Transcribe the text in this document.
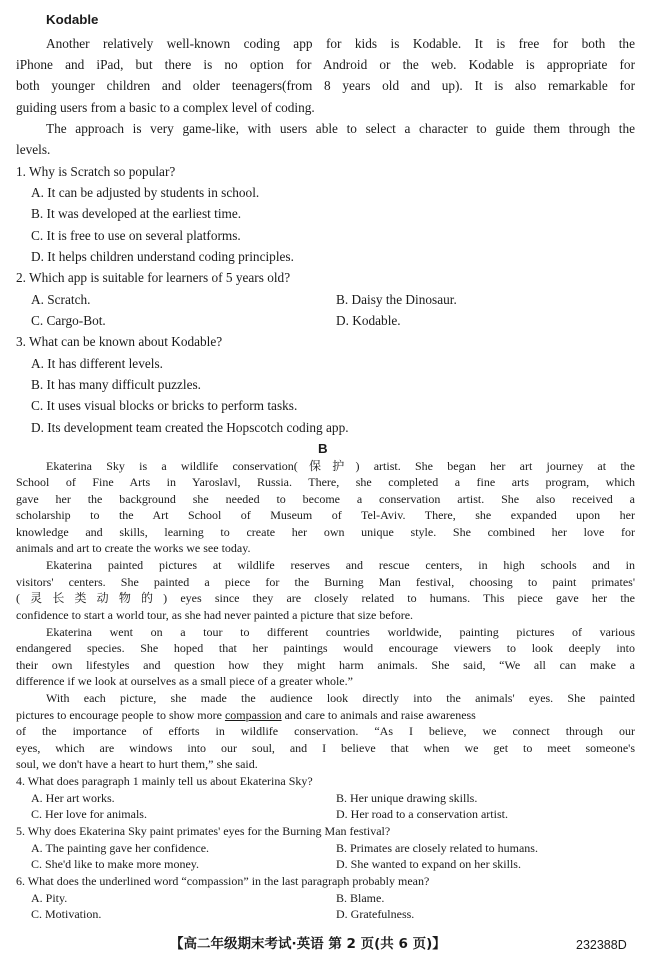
Kodable
Another relatively well-known coding app for kids is Kodable. It is free for both the
iPhone and iPad, but there is no option for Android or the web. Kodable is appropriate for
both younger children and older teenagers(from 8 years old and up). It is also remarkable for
guiding users from a basic to a complex level of coding.
The approach is very game-like, with users able to select a character to guide them through the
levels.
1. Why is Scratch so popular?
A. It can be adjusted by students in school.
B. It was developed at the earliest time.
C. It is free to use on several platforms.
D. It helps children understand coding principles.
2. Which app is suitable for learners of 5 years old?
A. Scratch.	B. Daisy the Dinosaur.
C. Cargo-Bot.	D. Kodable.
3. What can be known about Kodable?
A. It has different levels.
B. It has many difficult puzzles.
C. It uses visual blocks or bricks to perform tasks.
D. Its development team created the Hopscotch coding app.
B
Ekaterina Sky is a wildlife conservation(保护) artist. She began her art journey at the
School of Fine Arts in Yaroslavl, Russia. There, she completed a fine arts program, which
gave her the background she needed to become a conservation artist. She also received a
scholarship to the Art School of Museum of Tel-Aviv. There, she expanded upon her
knowledge and skills, learning to create her own unique style. She combined her love for
animals and art to create the works we see today.
Ekaterina painted pictures at wildlife reserves and rescue centers, in high schools and in
visitors' centers. She painted a piece for the Burning Man festival, choosing to paint primates'
(灵长类动物的) eyes since they are closely related to humans. This piece gave her the
confidence to start a world tour, as she had never painted a picture that size before.
Ekaterina went on a tour to different countries worldwide, painting pictures of various
endangered species. She hoped that her paintings would encourage viewers to look deeply into
their own lifestyles and question how they might harm animals. She said, “We all can make a
difference if we look at ourselves as a small piece of a greater whole.”
With each picture, she made the audience look directly into the animals' eyes. She painted
pictures to encourage people to show more compassion and care to animals and raise awareness
of the importance of efforts in wildlife conservation. “As I believe, we connect through our
eyes, which are windows into our soul, and I believe that when we get to meet someone's
soul, we don't have a heart to hurt them,” she said.
4. What does paragraph 1 mainly tell us about Ekaterina Sky?
A. Her art works.	B. Her unique drawing skills.
C. Her love for animals.	D. Her road to a conservation artist.
5. Why does Ekaterina Sky paint primates' eyes for the Burning Man festival?
A. The painting gave her confidence.	B. Primates are closely related to humans.
C. She'd like to make more money.	D. She wanted to expand on her skills.
6. What does the underlined word “compassion” in the last paragraph probably mean?
A. Pity.	B. Blame.
C. Motivation.	D. Gratefulness.
【高二年级期末考试·英语 第 2 页(共 6 页)】	232388D
